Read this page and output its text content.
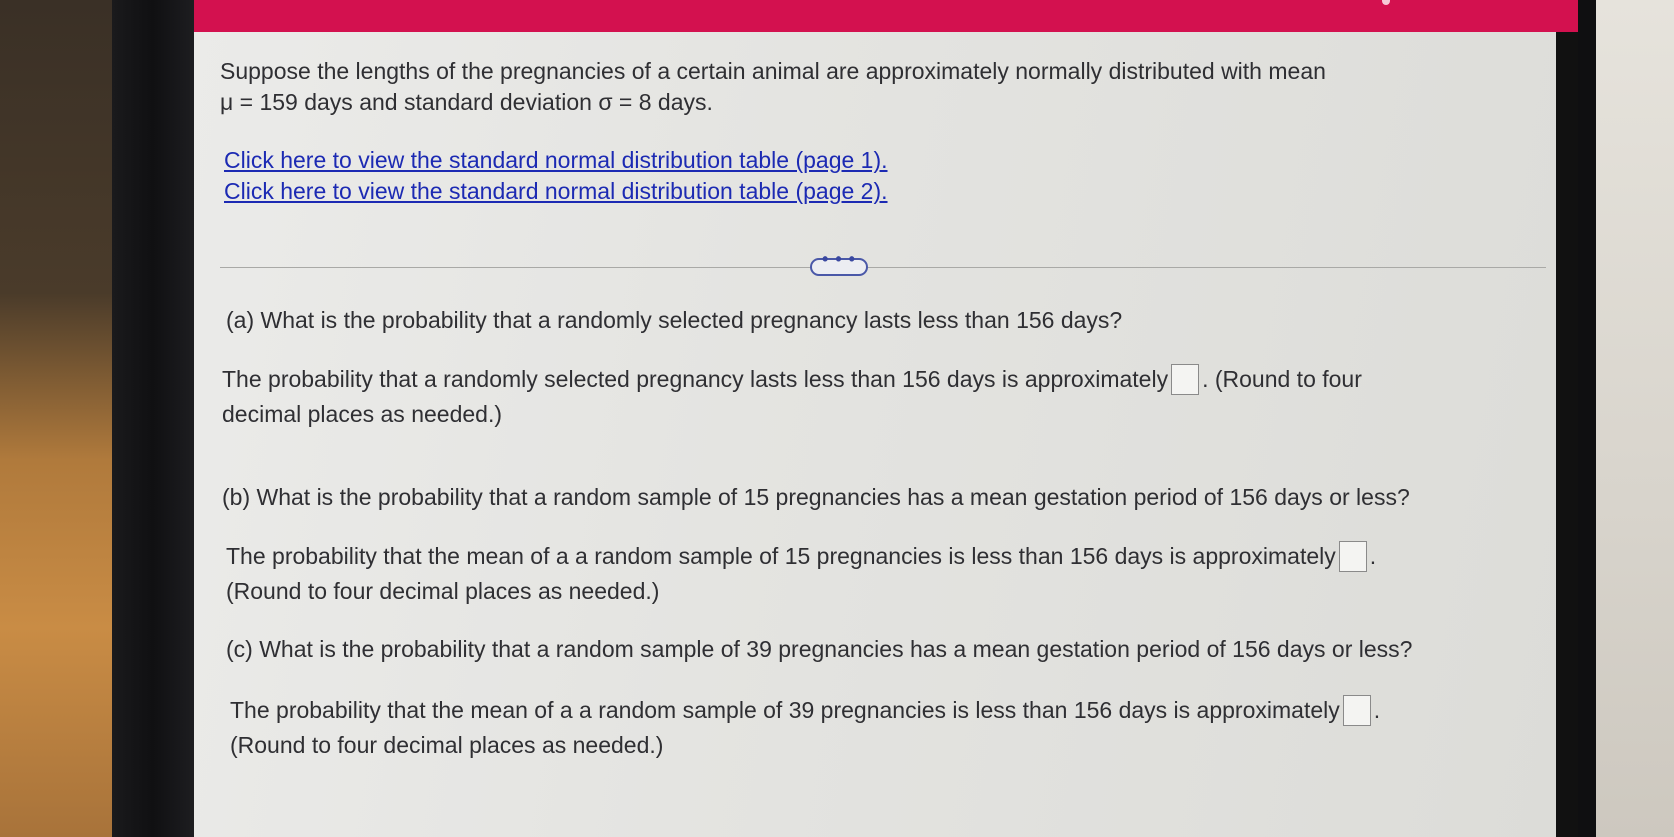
Suppose the lengths of the pregnancies of a certain animal are approximately normally distributed with mean
μ = 159 days and standard deviation σ = 8 days.
Click here to view the standard normal distribution table (page 1).
Click here to view the standard normal distribution table (page 2).
• • •
(a) What is the probability that a randomly selected pregnancy lasts less than 156 days?
The probability that a randomly selected pregnancy lasts less than 156 days is approximately . (Round to four
decimal places as needed.)
(b) What is the probability that a random sample of 15 pregnancies has a mean gestation period of 156 days or less?
The probability that the mean of a a random sample of 15 pregnancies is less than 156 days is approximately .
(Round to four decimal places as needed.)
(c) What is the probability that a random sample of 39 pregnancies has a mean gestation period of 156 days or less?
The probability that the mean of a a random sample of 39 pregnancies is less than 156 days is approximately .
(Round to four decimal places as needed.)
